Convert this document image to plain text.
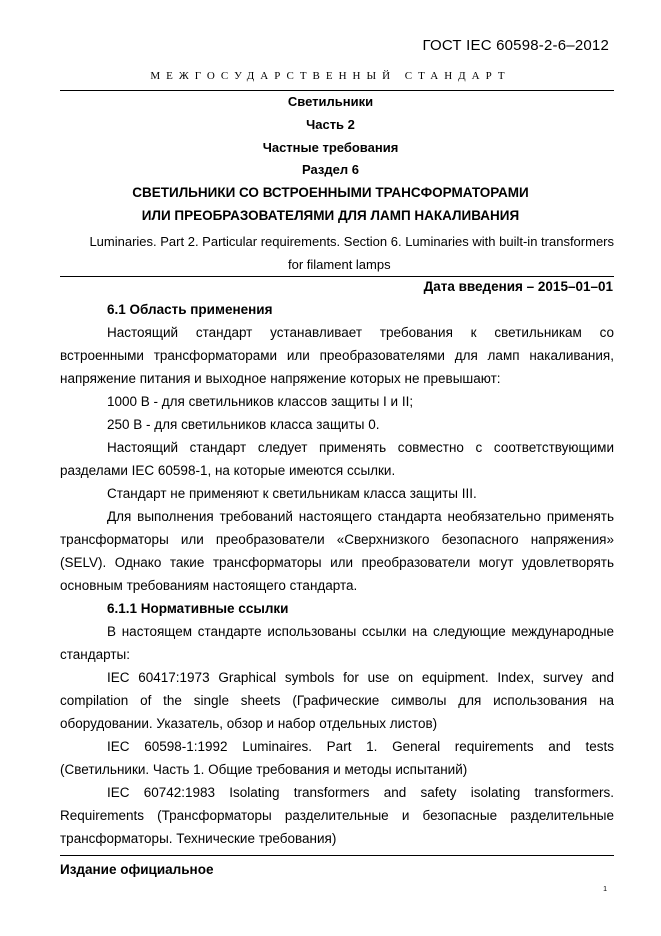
ГОСТ IEC 60598-2-6–2012
МЕЖГОСУДАРСТВЕННЫЙ СТАНДАРТ
Светильники
Часть 2
Частные требования
Раздел 6
СВЕТИЛЬНИКИ СО ВСТРОЕННЫМИ ТРАНСФОРМАТОРАМИ
ИЛИ ПРЕОБРАЗОВАТЕЛЯМИ ДЛЯ ЛАМП НАКАЛИВАНИЯ
Luminaries. Part 2. Particular requirements. Section 6. Luminaries with built-in transformers
for filament lamps
Дата введения – 2015–01–01

6.1 Область применения

Настоящий стандарт устанавливает требования к светильникам со встроенными трансформаторами или преобразователями для ламп накаливания, напряжение питания и выходное напряжение которых не превышают:

1000 В - для светильников классов защиты I и II;

250 В - для светильников класса защиты 0.

Настоящий стандарт следует применять совместно с соответствующими разделами IEC 60598-1, на которые имеются ссылки.

Стандарт не применяют к светильникам класса защиты III.

Для выполнения требований настоящего стандарта необязательно применять трансформаторы или преобразователи «Сверхнизкого безопасного напряжения» (SELV). Однако такие трансформаторы или преобразователи могут удовлетворять основным требованиям настоящего стандарта.

6.1.1 Нормативные ссылки

В настоящем стандарте использованы ссылки на следующие международные стандарты:

IEC 60417:1973 Graphical symbols for use on equipment. Index, survey and compilation of the single sheets (Графические символы для использования на оборудовании. Указатель, обзор и набор отдельных листов)

IEC 60598-1:1992 Luminaires. Part 1. General requirements and tests (Светильники. Часть 1. Общие требования и методы испытаний)

IEC 60742:1983 Isolating transformers and safety isolating transformers. Requirements (Трансформаторы разделительные и безопасные разделительные трансформаторы. Технические требования)

Издание официальное
1
